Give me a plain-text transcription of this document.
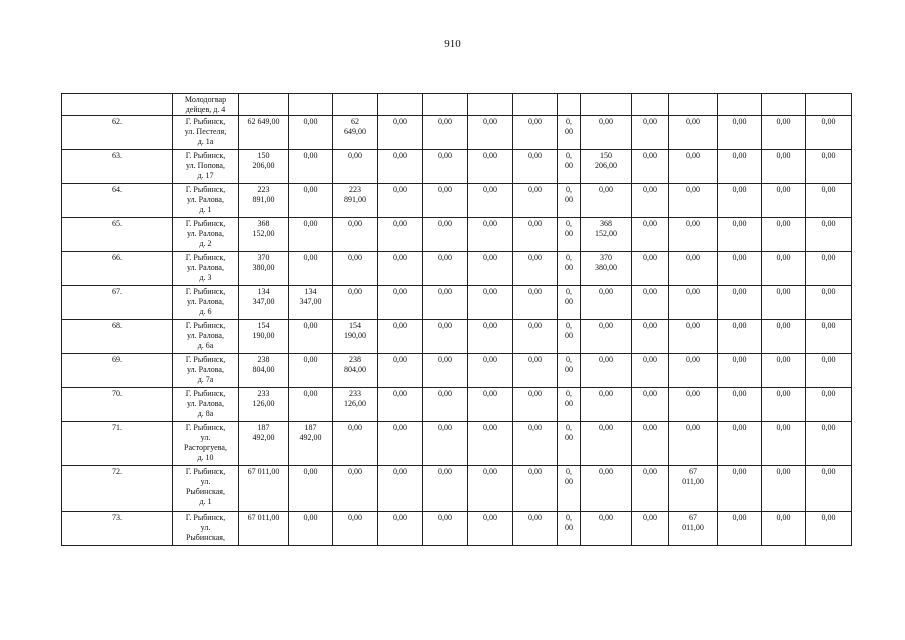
910
	Молодогвар
дейцев, д. 4														
62.	Г. Рыбинск,
ул. Пестеля,
д. 1а	62 649,00	0,00	62
649,00	0,00	0,00	0,00	0,00	0,
00	0,00	0,00	0,00	0,00	0,00	0,00
63.	Г. Рыбинск,
ул. Попова,
д. 17	150
206,00	0,00	0,00	0,00	0,00	0,00	0,00	0,
00	150
206,00	0,00	0,00	0,00	0,00	0,00
64.	Г. Рыбинск,
ул. Ралова,
д. 1	223
891,00	0,00	223
891,00	0,00	0,00	0,00	0,00	0,
00	0,00	0,00	0,00	0,00	0,00	0,00
65.	Г. Рыбинск,
ул. Ралова,
д. 2	368
152,00	0,00	0,00	0,00	0,00	0,00	0,00	0,
00	368
152,00	0,00	0,00	0,00	0,00	0,00
66.	Г. Рыбинск,
ул. Ралова,
д. 3	370
380,00	0,00	0,00	0,00	0,00	0,00	0,00	0,
00	370
380,00	0,00	0,00	0,00	0,00	0,00
67.	Г. Рыбинск,
ул. Ралова,
д. 6	134
347,00	134
347,00	0,00	0,00	0,00	0,00	0,00	0,
00	0,00	0,00	0,00	0,00	0,00	0,00
68.	Г. Рыбинск,
ул. Ралова,
д. 6а	154
190,00	0,00	154
190,00	0,00	0,00	0,00	0,00	0,
00	0,00	0,00	0,00	0,00	0,00	0,00
69.	Г. Рыбинск,
ул. Ралова,
д. 7а	238
804,00	0,00	238
804,00	0,00	0,00	0,00	0,00	0,
00	0,00	0,00	0,00	0,00	0,00	0,00
70.	Г. Рыбинск,
ул. Ралова,
д. 8а	233
126,00	0,00	233
126,00	0,00	0,00	0,00	0,00	0,
00	0,00	0,00	0,00	0,00	0,00	0,00
71.	Г. Рыбинск,
ул.
Расторгуева,
д. 10	187
492,00	187
492,00	0,00	0,00	0,00	0,00	0,00	0,
00	0,00	0,00	0,00	0,00	0,00	0,00
72.	Г. Рыбинск,
ул.
Рыбинская,
д. 1	67 011,00	0,00	0,00	0,00	0,00	0,00	0,00	0,
00	0,00	0,00	67
011,00	0,00	0,00	0,00
73.	Г. Рыбинск,
ул.
Рыбинская,	67 011,00	0,00	0,00	0,00	0,00	0,00	0,00	0,
00	0,00	0,00	67
011,00	0,00	0,00	0,00
